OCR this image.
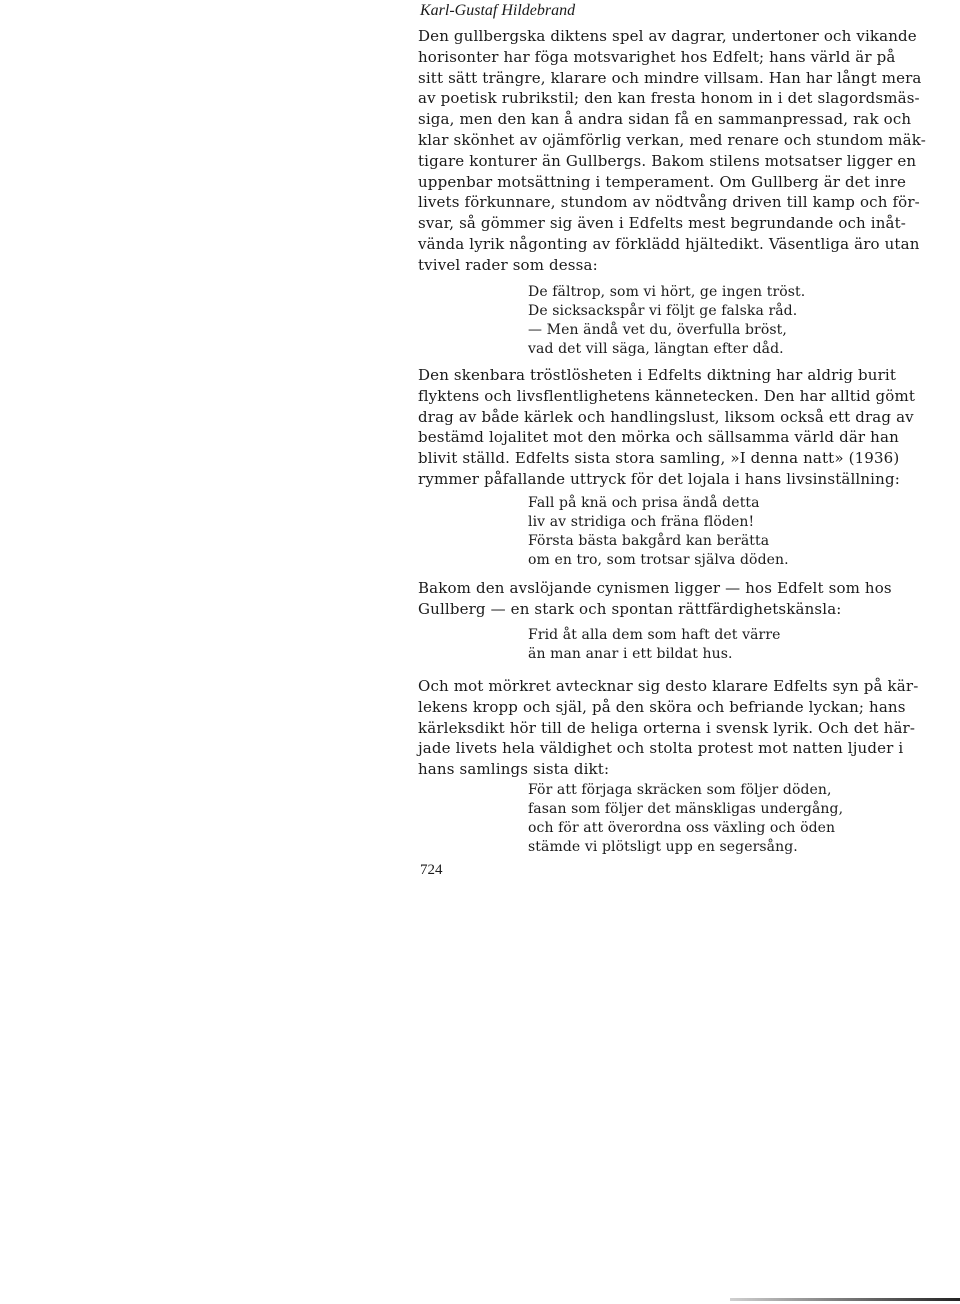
Karl-Gustaf Hildebrand

Den gullbergska diktens spel av dagrar, undertoner och vikande

horisonter har föga motsvarighet hos Edfelt; hans värld är på

sitt sätt trängre, klarare och mindre villsam. Han har långt mera

av poetisk rubrikstil; den kan fresta honom in i det slagordsmäs-

siga, men den kan å andra sidan få en sammanpressad, rak och

klar skönhet av ojämförlig verkan, med renare och stundom mäk-

tigare konturer än Gullbergs. Bakom stilens motsatser ligger en

uppenbar motsättning i temperament. Om Gullberg är det inre

livets förkunnare, stundom av nödtvång driven till kamp och för-

svar, så gömmer sig även i Edfelts mest begrundande och inåt-

vända lyrik någonting av förklädd hjältedikt. Väsentliga äro utan

tvivel rader som dessa:

De fältrop, som vi hört, ge ingen tröst.

De sicksackspår vi följt ge falska råd.

— Men ändå vet du, överfulla bröst,

vad det vill säga, längtan efter dåd.

Den skenbara tröstlösheten i Edfelts diktning har aldrig burit

flyktens och livsflentlighetens kännetecken. Den har alltid gömt

drag av både kärlek och handlingslust, liksom också ett drag av

bestämd lojalitet mot den mörka och sällsamma värld där han

blivit ställd. Edfelts sista stora samling, »I denna natt» (1936)

rymmer påfallande uttryck för det lojala i hans livsinställning:

Fall på knä och prisa ändå detta

liv av stridiga och fräna flöden!

Första bästa bakgård kan berätta

om en tro, som trotsar själva döden.

Bakom den avslöjande cynismen ligger — hos Edfelt som hos

Gullberg — en stark och spontan rättfärdighetskänsla:

Frid åt alla dem som haft det värre

än man anar i ett bildat hus.

Och mot mörkret avtecknar sig desto klarare Edfelts syn på kär-

lekens kropp och själ, på den sköra och befriande lyckan; hans

kärleksdikt hör till de heliga orterna i svensk lyrik. Och det här-

jade livets hela väldighet och stolta protest mot natten ljuder i

hans samlings sista dikt:

För att förjaga skräcken som följer döden,

fasan som följer det mänskligas undergång,

och för att överordna oss växling och öden

stämde vi plötsligt upp en segersång.

724
